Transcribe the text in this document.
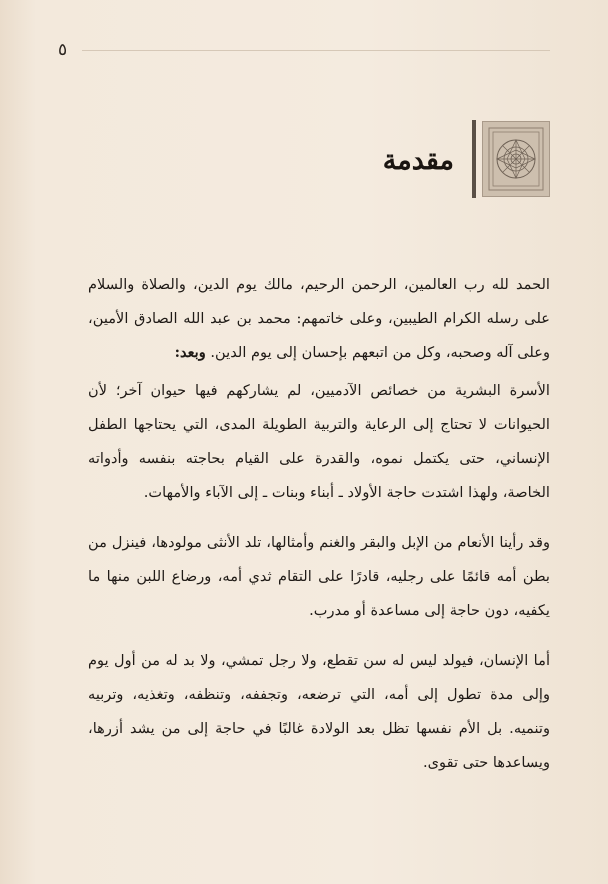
٥
مقدمة

الحمد لله رب العالمين، الرحمن الرحيم، مالك يوم الدين، والصلاة والسلام على رسله الكرام الطيبين، وعلى خاتمهم: محمد بن عبد الله الصادق الأمين، وعلى آله وصحبه، وكل من اتبعهم بإحسان إلى يوم الدين. وبعد:

الأسرة البشرية من خصائص الآدميين، لم يشاركهم فيها حيوان آخر؛ لأن الحيوانات لا تحتاج إلى الرعاية والتربية الطويلة المدى، التي يحتاجها الطفل الإنساني، حتى يكتمل نموه، والقدرة على القيام بحاجته بنفسه وأدواته الخاصة، ولهذا اشتدت حاجة الأولاد ـ أبناء وبنات ـ إلى الآباء والأمهات.

وقد رأينا الأنعام من الإبل والبقر والغنم وأمثالها، تلد الأنثى مولودها، فينزل من بطن أمه قائمًا على رجليه، قادرًا على التقام ثدي أمه، ورضاع اللبن منها ما يكفيه، دون حاجة إلى مساعدة أو مدرب.

أما الإنسان، فيولد ليس له سن تقطع، ولا رجل تمشي، ولا بد له من أول يوم وإلى مدة تطول إلى أمه، التي ترضعه، وتجففه، وتنظفه، وتغذيه، وتربيه وتنميه. بل الأم نفسها تظل بعد الولادة غالبًا في حاجة إلى من يشد أزرها، ويساعدها حتى تقوى.
